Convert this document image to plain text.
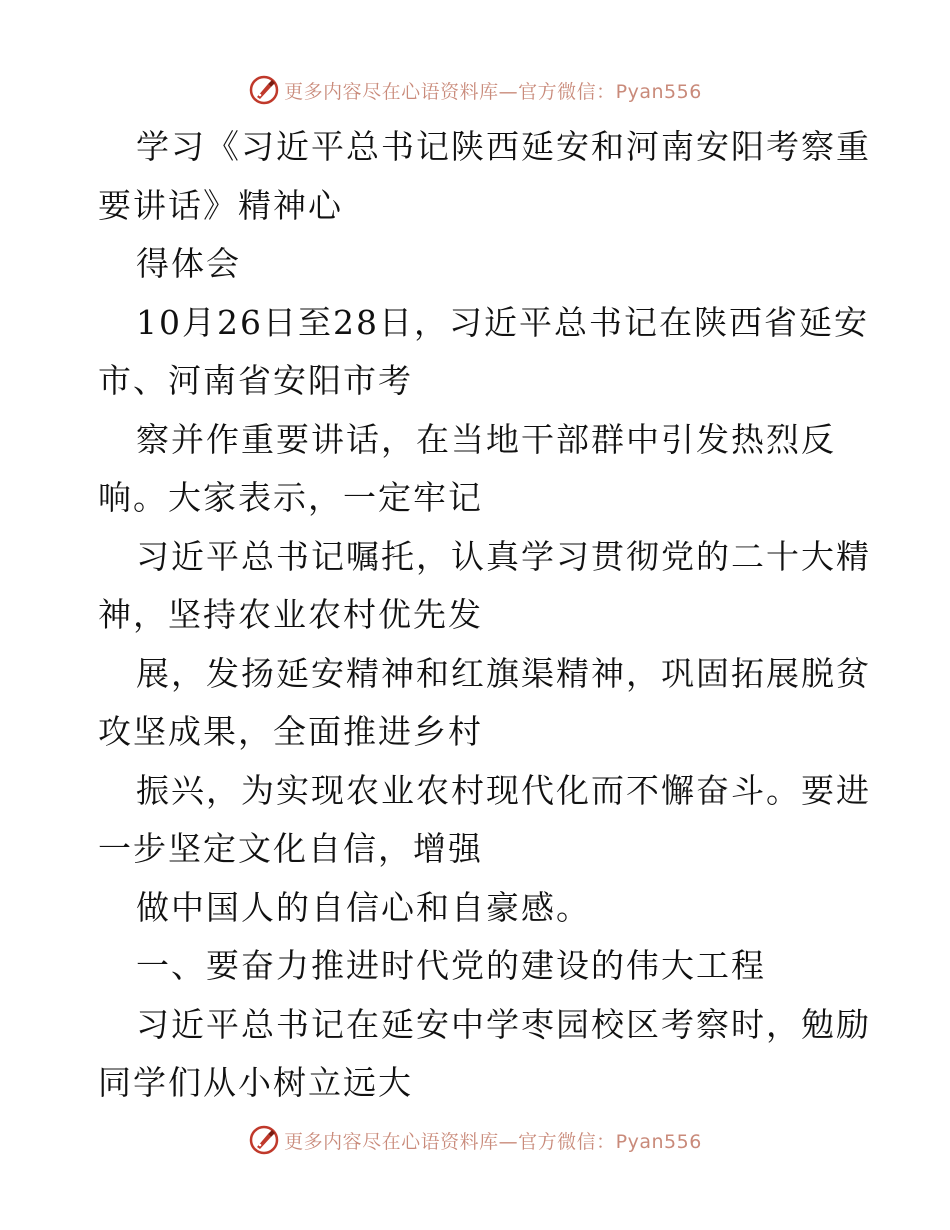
更多内容尽在心语资料库—官方微信：Pyan556
学习《习近平总书记陕西延安和河南安阳考察重
要讲话》精神心
得体会
10月26日至28日，习近平总书记在陕西省延安
市、河南省安阳市考
察并作重要讲话，在当地干部群中引发热烈反
响。大家表示，一定牢记
习近平总书记嘱托，认真学习贯彻党的二十大精
神，坚持农业农村优先发
展，发扬延安精神和红旗渠精神，巩固拓展脱贫
攻坚成果，全面推进乡村
振兴，为实现农业农村现代化而不懈奋斗。要进
一步坚定文化自信，增强
做中国人的自信心和自豪感。
一、要奋力推进时代党的建设的伟大工程
习近平总书记在延安中学枣园校区考察时，勉励
同学们从小树立远大
更多内容尽在心语资料库—官方微信：Pyan556
